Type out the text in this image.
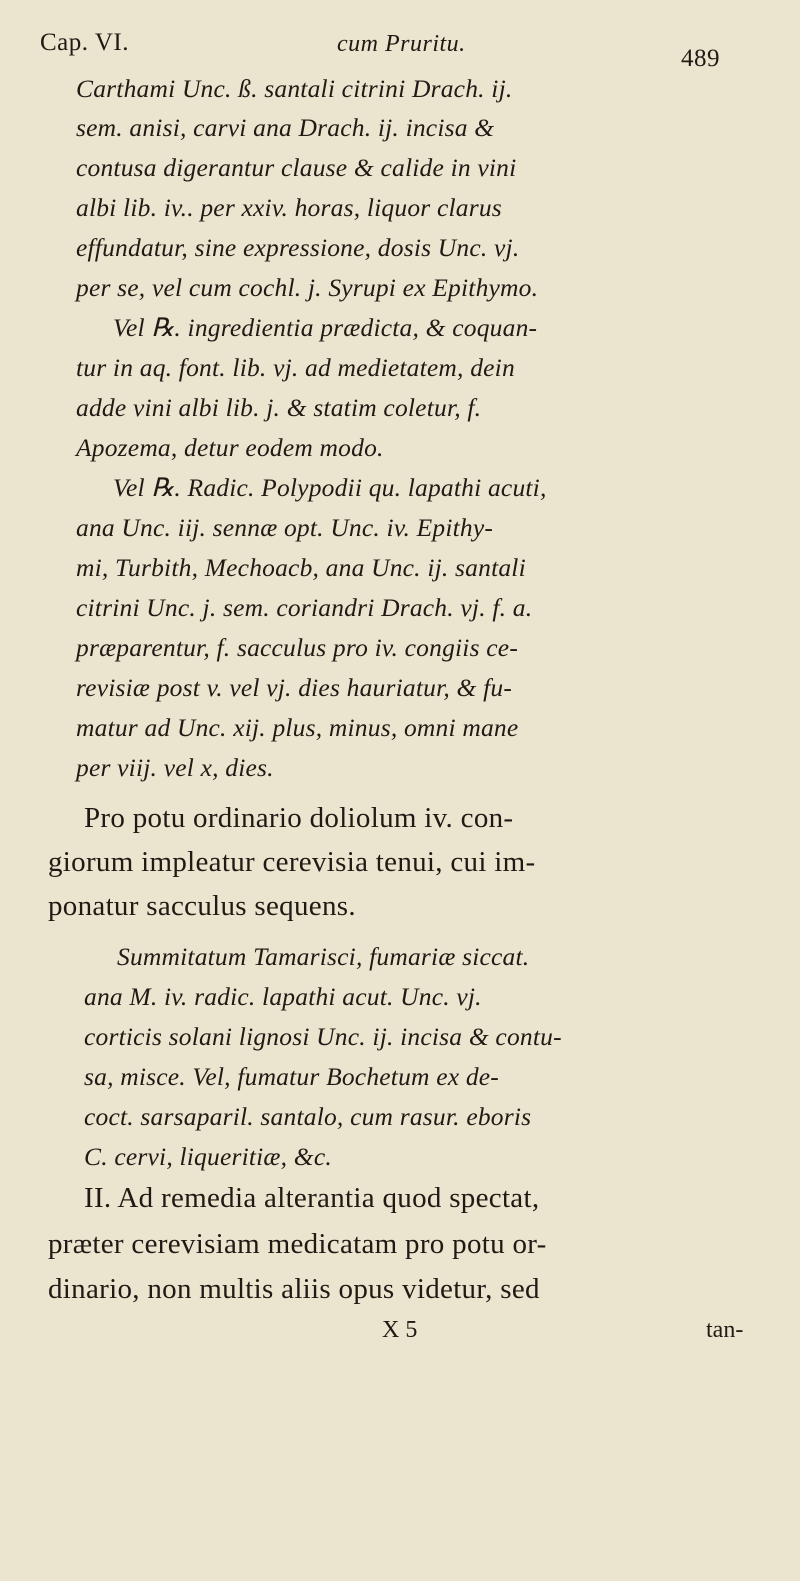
Cap. VI.	cum Pruritu.
489
Carthami Unc. ß. santali citrini Drach. ij.
sem. anisi, carvi ana Drach. ij. incisa &
contusa digerantur clause & calide in vini
albi lib. iv.. per xxiv. horas, liquor clarus
effundatur, sine expressione, dosis Unc. vj.
per se, vel cum cochl. j. Syrupi ex Epithymo.
Vel ℞. ingredientia prædicta, & coquan-
tur in aq. font. lib. vj. ad medietatem, dein
adde vini albi lib. j. & statim coletur, f.
Apozema, detur eodem modo.
Vel ℞. Radic. Polypodii qu. lapathi acuti,
ana Unc. iij. sennæ opt. Unc. iv. Epithy-
mi, Turbith, Mechoacb, ana Unc. ij. santali
citrini Unc. j. sem. coriandri Drach. vj. f. a.
præparentur, f. sacculus pro iv. congiis ce-
revisiæ post v. vel vj. dies hauriatur, & fu-
matur ad Unc. xij. plus, minus, omni mane
per viij. vel x, dies.
Pro potu ordinario doliolum iv. con-
giorum impleatur cerevisia tenui, cui im-
ponatur sacculus sequens.
Summitatum Tamarisci, fumariæ siccat.
ana M. iv. radic. lapathi acut. Unc. vj.
corticis solani lignosi Unc. ij. incisa & contu-
sa, misce. Vel, fumatur Bochetum ex de-
coct. sarsaparil. santalo, cum rasur. eboris
C. cervi, liqueritiæ, &c.
II. Ad remedia alterantia quod spectat,
præter cerevisiam medicatam pro potu or-
dinario, non multis aliis opus videtur, sed
X 5	tan-
